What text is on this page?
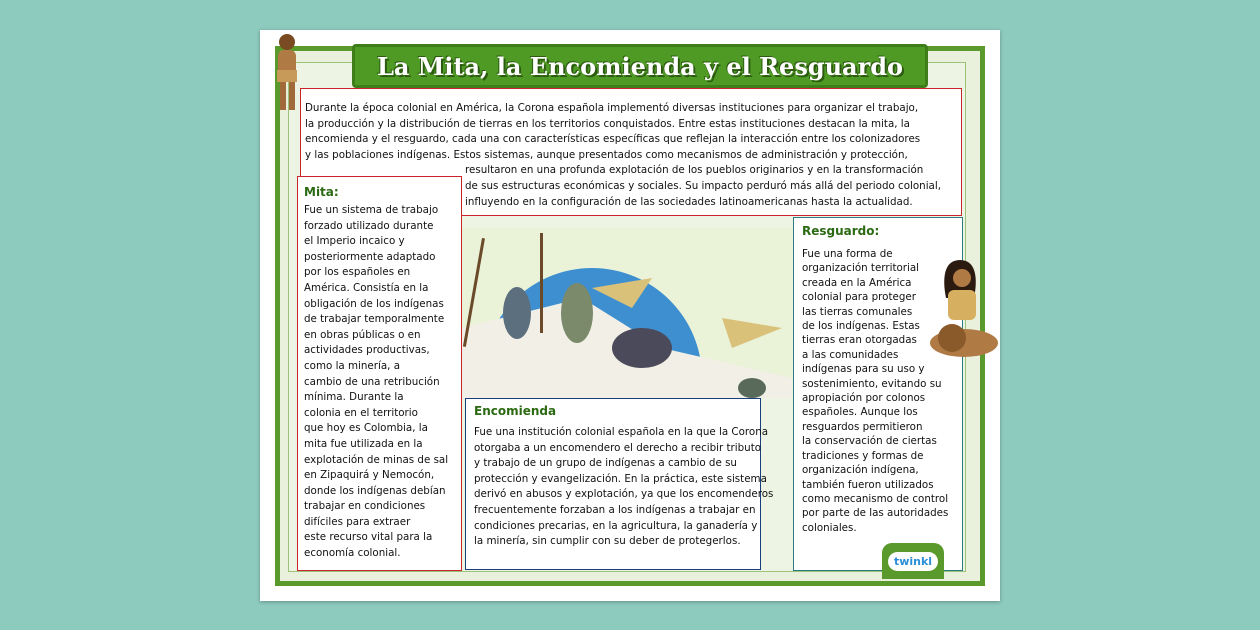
La Mita, la Encomienda y el Resguardo
Durante la época colonial en América, la Corona española implementó diversas instituciones para organizar el trabajo,
la producción y la distribución de tierras en los territorios conquistados. Entre estas instituciones destacan la mita, la
encomienda y el resguardo, cada una con características específicas que reflejan la interacción entre los colonizadores
y las poblaciones indígenas. Estos sistemas, aunque presentados como mecanismos de administración y protección,
resultaron en una profunda explotación de los pueblos originarios y en la transformación
de sus estructuras económicas y sociales. Su impacto perduró más allá del periodo colonial,
influyendo en la configuración de las sociedades latinoamericanas hasta la actualidad.
Mita:
Fue un sistema de trabajo
forzado utilizado durante
el Imperio incaico y
posteriormente adaptado
por los españoles en
América. Consistía en la
obligación de los indígenas
de trabajar temporalmente
en obras públicas o en
actividades productivas,
como la minería, a
cambio de una retribución
mínima. Durante la
colonia en el territorio
que hoy es Colombia, la
mita fue utilizada en la
explotación de minas de sal
en Zipaquirá y Nemocón,
donde los indígenas debían
trabajar en condiciones
difíciles para extraer
este recurso vital para la
economía colonial.
Resguardo:
Fue una forma de
organización territorial
creada en la América
colonial para proteger
las tierras comunales
de los indígenas. Estas
tierras eran otorgadas
a las comunidades
indígenas para su uso y
sostenimiento, evitando su
apropiación por colonos
españoles. Aunque los
resguardos permitieron
la conservación de ciertas
tradiciones y formas de
organización indígena,
también fueron utilizados
como mecanismo de control
por parte de las autoridades
coloniales.
Encomienda
Fue una institución colonial española en la que la Corona
otorgaba a un encomendero el derecho a recibir tributo
y trabajo de un grupo de indígenas a cambio de su
protección y evangelización. En la práctica, este sistema
derivó en abusos y explotación, ya que los encomenderos
frecuentemente forzaban a los indígenas a trabajar en
condiciones precarias, en la agricultura, la ganadería y
la minería, sin cumplir con su deber de protegerlos.
twinkl
